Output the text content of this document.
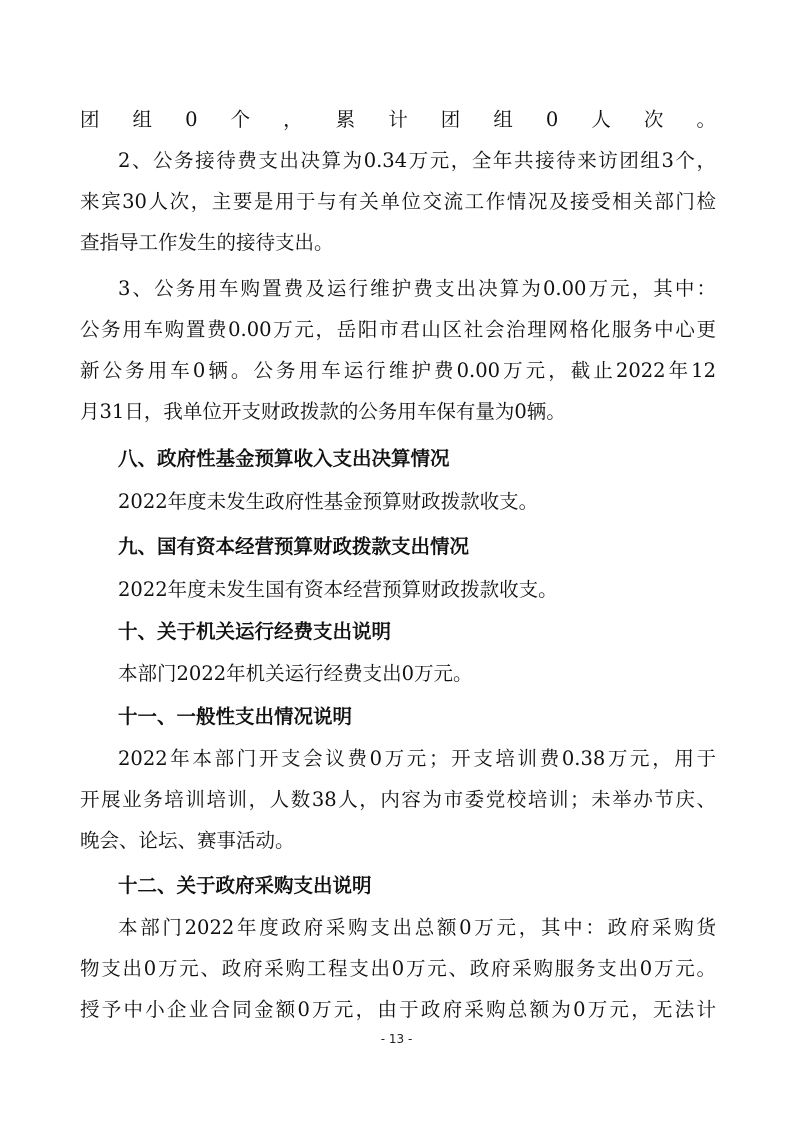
团组0个，累计团组0人次。
2、公务接待费支出决算为0.34万元，全年共接待来访团组3个，
来宾30人次，主要是用于与有关单位交流工作情况及接受相关部门检
查指导工作发生的接待支出。
3、公务用车购置费及运行维护费支出决算为0.00万元，其中：
公务用车购置费0.00万元，岳阳市君山区社会治理网格化服务中心更
新公务用车0辆。公务用车运行维护费0.00万元，截止2022年12
月31日，我单位开支财政拨款的公务用车保有量为0辆。
八、政府性基金预算收入支出决算情况
2022年度未发生政府性基金预算财政拨款收支。
九、国有资本经营预算财政拨款支出情况
2022年度未发生国有资本经营预算财政拨款收支。
十、关于机关运行经费支出说明
本部门2022年机关运行经费支出0万元。
十一、一般性支出情况说明
2022年本部门开支会议费0万元；开支培训费0.38万元，用于
开展业务培训培训，人数38人，内容为市委党校培训；未举办节庆、
晚会、论坛、赛事活动。
十二、关于政府采购支出说明
本部门2022年度政府采购支出总额0万元，其中：政府采购货
物支出0万元、政府采购工程支出0万元、政府采购服务支出0万元。
授予中小企业合同金额0万元，由于政府采购总额为0万元，无法计
- 13 -
